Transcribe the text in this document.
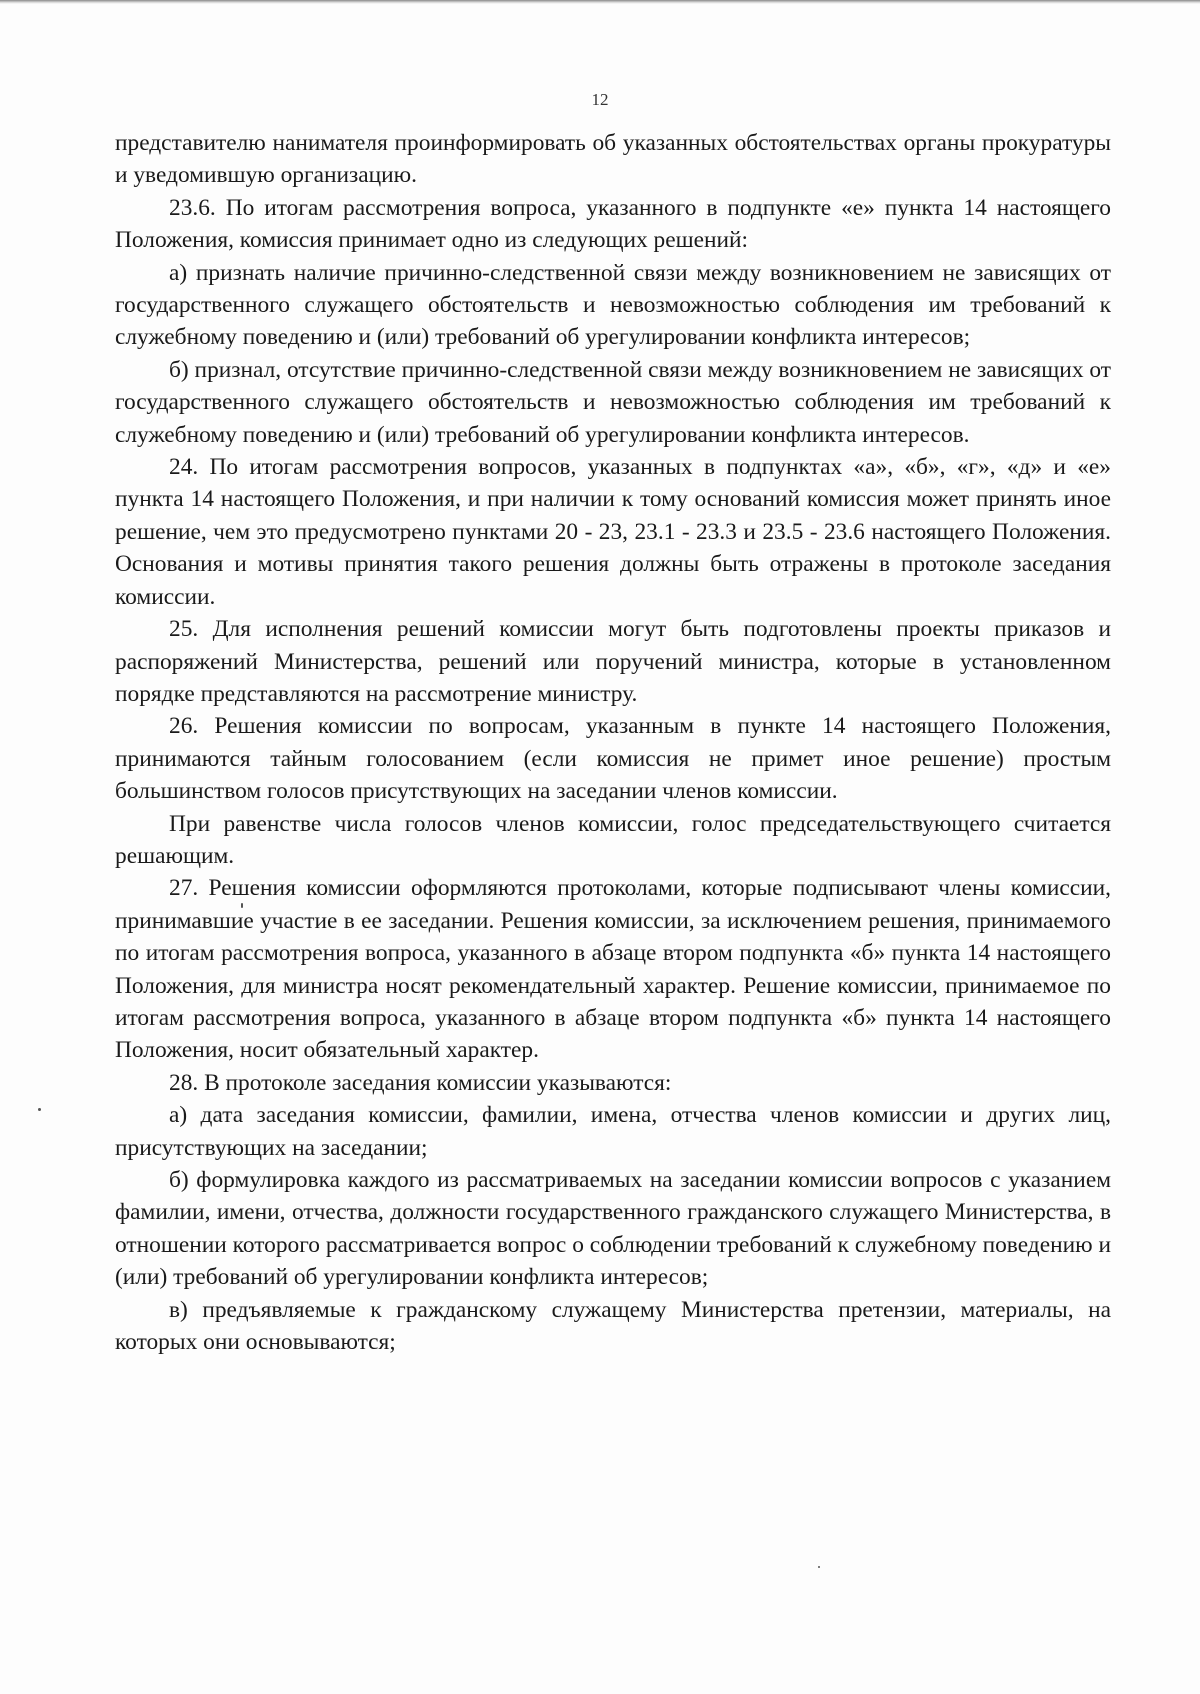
12

представителю нанимателя проинформировать об указанных обстоятельствах органы прокуратуры и уведомившую организацию.

23.6. По итогам рассмотрения вопроса, указанного в подпункте «е» пункта 14 настоящего Положения, комиссия принимает одно из следующих решений:

а) признать наличие причинно-следственной связи между возникновением не зависящих от государственного служащего обстоятельств и невозможностью соблюдения им требований к служебному поведению и (или) требований об урегулировании конфликта интересов;

б) признал, отсутствие причинно-следственной связи между возникновением не зависящих от государственного служащего обстоятельств и невозможностью соблюдения им требований к служебному поведению и (или) требований об урегулировании конфликта интересов.

24. По итогам рассмотрения вопросов, указанных в подпунктах «а», «б», «г», «д» и «е» пункта 14 настоящего Положения, и при наличии к тому оснований комиссия может принять иное решение, чем это предусмотрено пунктами 20 - 23, 23.1 - 23.3 и 23.5 - 23.6 настоящего Положения. Основания и мотивы принятия такого решения должны быть отражены в протоколе заседания комиссии.

25. Для исполнения решений комиссии могут быть подготовлены проекты приказов и распоряжений Министерства, решений или поручений министра, которые в установленном порядке представляются на рассмотрение министру.

26. Решения комиссии по вопросам, указанным в пункте 14 настоящего Положения, принимаются тайным голосованием (если комиссия не примет иное решение) простым большинством голосов присутствующих на заседании членов комиссии.

При равенстве числа голосов членов комиссии, голос председательствующего считается решающим.

27. Решения комиссии оформляются протоколами, которые подписывают члены комиссии, принимавшие участие в ее заседании. Решения комиссии, за исключением решения, принимаемого по итогам рассмотрения вопроса, указанного в абзаце втором подпункта «б» пункта 14 настоящего Положения, для министра носят рекомендательный характер. Решение комиссии, принимаемое по итогам рассмотрения вопроса, указанного в абзаце втором подпункта «б» пункта 14 настоящего Положения, носит обязательный характер.

28. В протоколе заседания комиссии указываются:

а) дата заседания комиссии, фамилии, имена, отчества членов комиссии и других лиц, присутствующих на заседании;

б) формулировка каждого из рассматриваемых на заседании комиссии вопросов с указанием фамилии, имени, отчества, должности государственного гражданского служащего Министерства, в отношении которого рассматривается вопрос о соблюдении требований к служебному поведению и (или) требований об урегулировании конфликта интересов;

в) предъявляемые к гражданскому служащему Министерства претензии, материалы, на которых они основываются;
